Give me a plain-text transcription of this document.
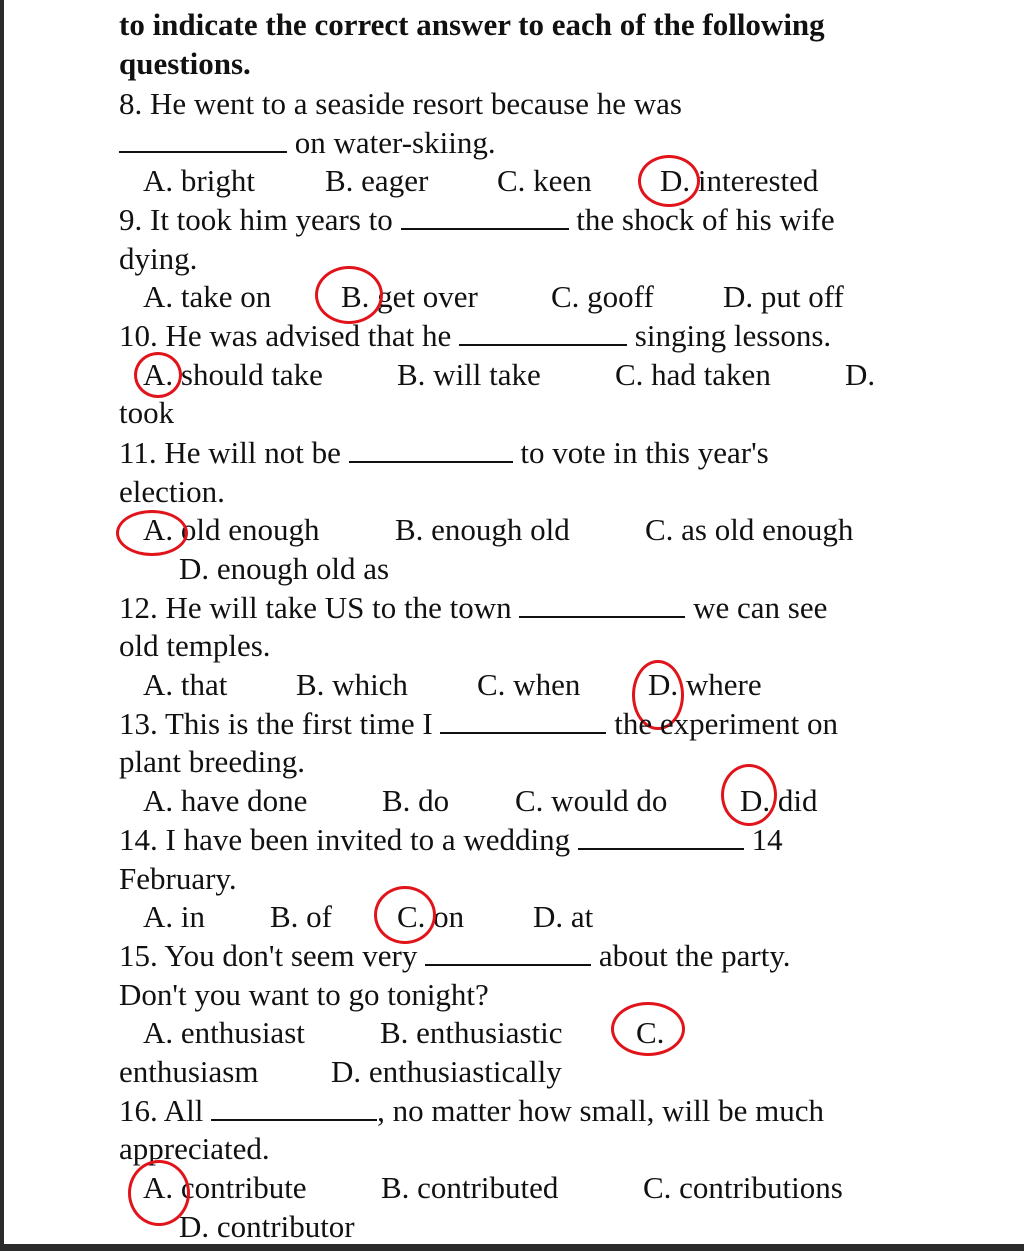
to indicate the correct answer to each of the following
questions.
8. He went to a seaside resort because he was
on water-skiing.
A. bright B. eager C. keen D. interested
9. It took him years to	the shock of his wife
dying.
A. take on B. get over C. gooff D. put off
10. He was advised that he	singing lessons.
A. should take B. will take C. had taken D.
took
11. He will not be	to vote in this year's
election.
A. old enough B. enough old C. as old enough
D. enough old as
12. He will take US to the town	we can see
old temples.
A. that B. which C. when D. where
13. This is the first time I	the experiment on
plant breeding.
A. have done B. do C. would do D. did
14. I have been invited to a wedding	14
February.
A. in B. of C. on D. at
15. You don't seem very	about the party.
Don't you want to go tonight?
A. enthusiast B. enthusiastic C.
enthusiasm D. enthusiastically
16. All	, no matter how small, will be much
appreciated.
A. contribute B. contributed	C. contributions
D. contributor
